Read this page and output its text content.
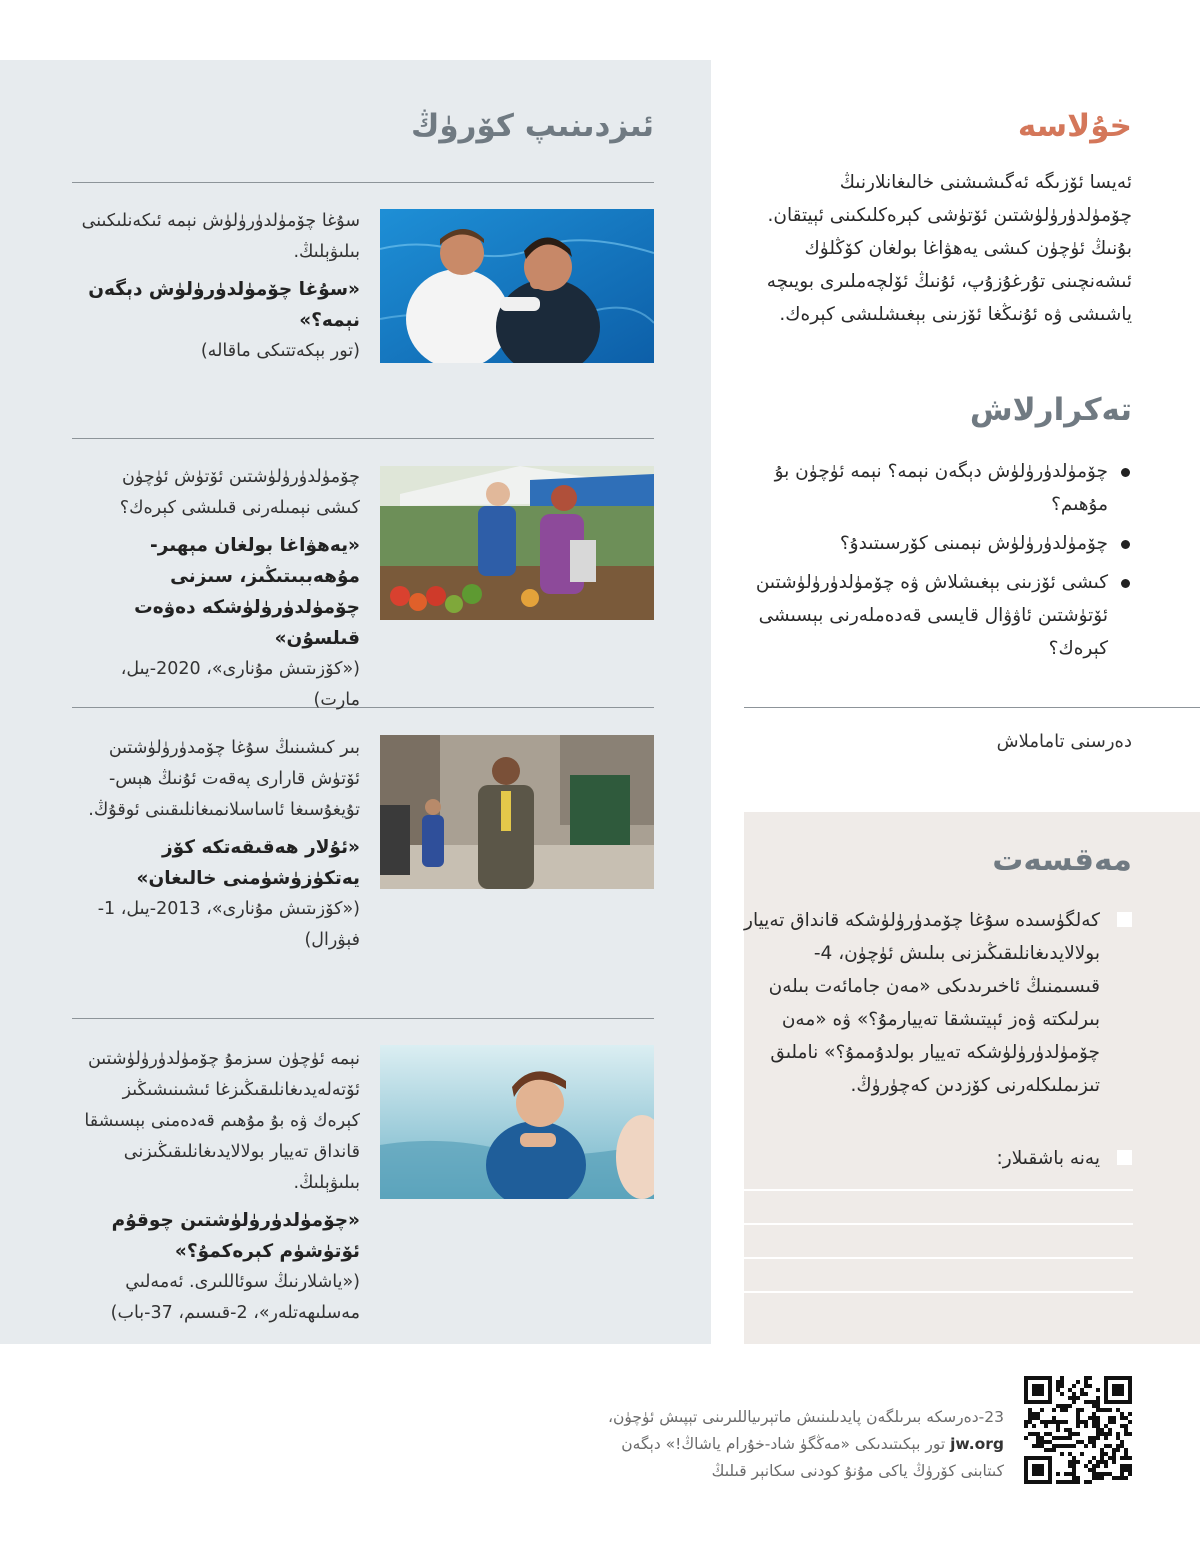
ئىزدىنىپ كۆرۈڭ
سۇغا چۆمۈلدۈرۈلۈش نېمە ئىكەنلىكىنى بىلىۋېلىڭ.
«سۇغا چۆمۈلدۈرۈلۈش دېگەن نېمە؟»
(تور بېكەتتىكى ماقالە)
چۆمۈلدۈرۈلۈشتىن ئۆتۈش ئۈچۈن كىشى نېمىلەرنى قىلىشى كېرەك؟
«يەھۋاغا بولغان مېھىر-مۇھەببىتىڭىز، سىزنى چۆمۈلدۈرۈلۈشكە دەۋەت قىلسۇن»
(«كۆزىتىش مۇنارى»، 2020-يىل، مارت)
بىر كىشىنىڭ سۇغا چۆمدۈرۈلۈشتىن ئۆتۈش قارارى پەقەت ئۇنىڭ ھېس-تۇيغۇسىغا ئاساسلانمىغانلىقىنى ئوقۇڭ.
«ئۇلار ھەقىقەتكە كۆز يەتكۈزۈشۈمنى خالىغان»
(«كۆزىتىش مۇنارى»، 2013-يىل، 1-فېۋرال)
نېمە ئۈچۈن سىزمۇ چۆمۈلدۈرۈلۈشتىن ئۆتەلەيدىغانلىقىڭىزغا ئىشىنىشىڭىز كېرەك ۋە بۇ مۇھىم قەدەمنى بېسىشقا قانداق تەييار بولالايدىغانلىقىڭىزنى بىلىۋېلىڭ.
«چۆمۈلدۈرۈلۈشتىن چوقۇم ئۆتۈشۈم كېرەكمۇ؟»
(«ياشلارنىڭ سوئاللىرى. ئەمەلىي مەسلىھەتلەر»، 2-قىسىم، 37-باب)
خۇلاسە
ئەيسا ئۆزىگە ئەگىشىشنى خالىغانلارنىڭ چۆمۈلدۈرۈلۈشتىن ئۆتۈشى كېرەكلىكىنى ئېيتقان. بۇنىڭ ئۈچۈن كىشى يەھۋاغا بولغان كۆڭلۈك ئىشەنچىنى تۇرغۇزۇپ، ئۇنىڭ ئۆلچەملىرى بويىچە ياشىشى ۋە ئۇنىڭغا ئۆزىنى بېغىشلىشى كېرەك.
تەكرارلاش
چۆمۈلدۈرۈلۈش دېگەن نېمە؟ نېمە ئۈچۈن بۇ مۇھىم؟
چۆمۈلدۈرۈلۈش نېمىنى كۆرسىتىدۇ؟
كىشى ئۆزىنى بېغىشلاش ۋە چۆمۈلدۈرۈلۈشتىن ئۆتۈشتىن ئاۋۋال قايسى قەدەملەرنى بېسىشى كېرەك؟
دەرسنى تاماملاش
مەقسەت
كەلگۈسىدە سۇغا چۆمدۈرۈلۈشكە قانداق تەييار بولالايدىغانلىقىڭىزنى بىلىش ئۈچۈن، 4-قىسىمنىڭ ئاخىرىدىكى «مەن جامائەت بىلەن بىرلىكتە ۋەز ئېيتىشقا تەييارمۇ؟» ۋە «مەن چۆمۈلدۈرۈلۈشكە تەييار بولدۇممۇ؟» ناملىق تىزىملىكلەرنى كۆزدىن كەچۈرۈڭ.
يەنە باشقىلار:
23-دەرسكە بىرىلگەن پايدىلىنىش ماتېرىياللىرىنى تېپىش ئۈچۈن،
jw.org تور بېكىتىدىكى «مەڭگۈ شاد-خۇرام ياشاڭ!» دېگەن
كىتابنى كۆرۈڭ ياكى مۇنۇ كودنى سكانېر قىلىڭ
